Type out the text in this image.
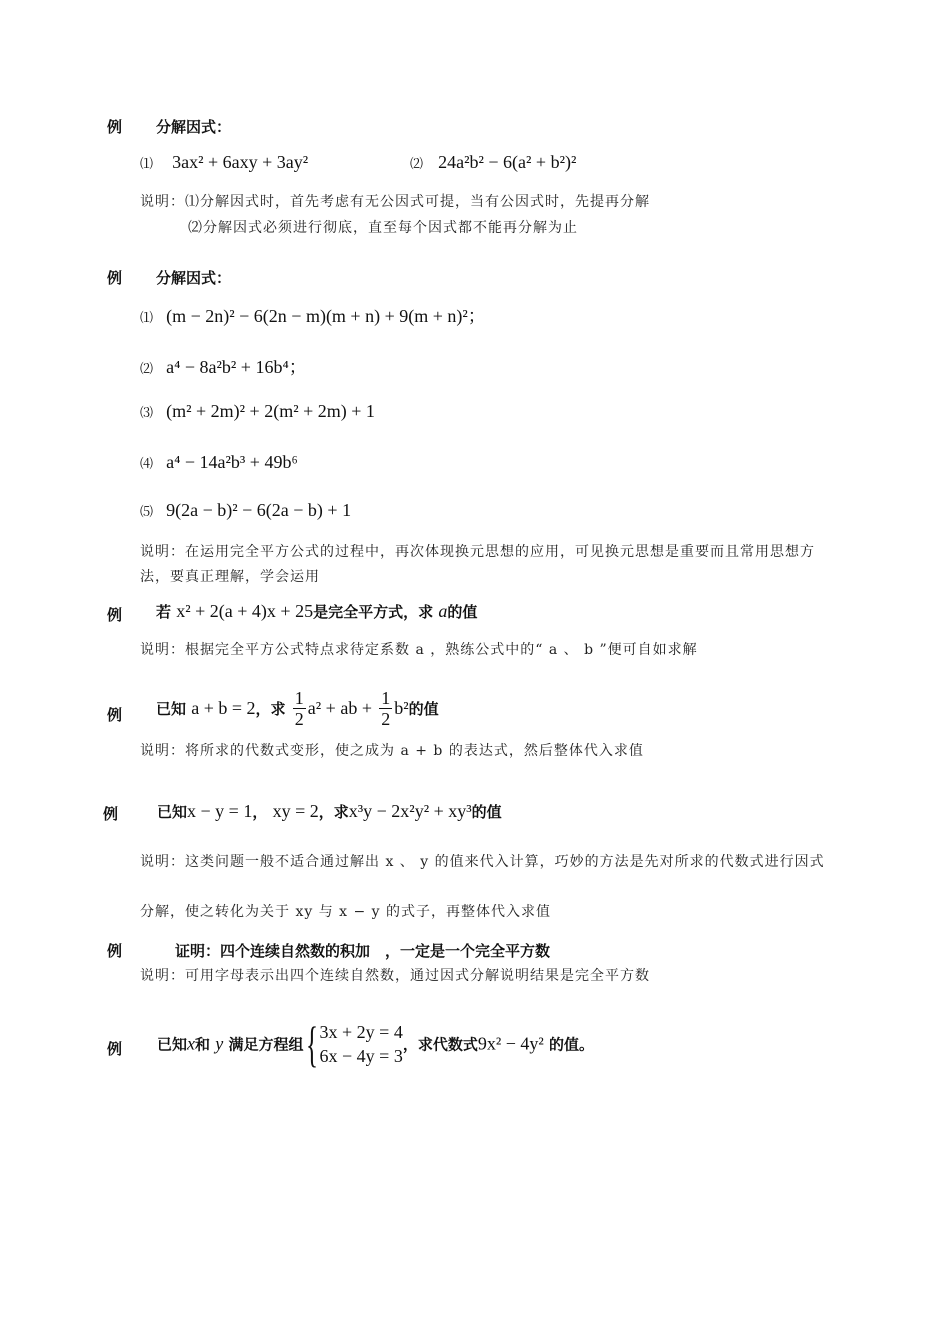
例 分解因式：
⑴ 3ax² + 6axy + 3ay²	⑵ 24a²b² − 6(a² + b²)²
说明：⑴分解因式时，首先考虑有无公因式可提，当有公因式时，先提再分解
⑵分解因式必须进行彻底，直至每个因式都不能再分解为止
例 分解因式：
⑴ (m − 2n)² − 6(2n − m)(m + n) + 9(m + n)²；
⑵ a⁴ − 8a²b² + 16b⁴；
⑶ (m² + 2m)² + 2(m² + 2m) + 1
⑷ a⁴ − 14a²b³ + 49b⁶
⑸ 9(2a − b)² − 6(2a − b) + 1
说明：在运用完全平方公式的过程中，再次体现换元思想的应用，可见换元思想是重要而且常用思想方
法，要真正理解，学会运用
例 若 x² + 2(a + 4)x + 25是完全平方式，求 a的值
说明：根据完全平方公式特点求待定系数 a ，熟练公式中的“ a 、 b ”便可自如求解
例 已知 a + b = 2，求 $\frac{1}{2} a^2$ + ab + $\frac{1}{2} b^2$的值
说明：将所求的代数式变形，使之成为 a + b 的表达式，然后整体代入求值
例	已知x − y = 1， xy = 2，求x³y − 2x²y² + xy³的值
说明：这类问题一般不适合通过解出 x 、 y 的值来代入计算，巧妙的方法是先对所求的代数式进行因式
分解，使之转化为关于 xy 与 x − y 的式子，再整体代入求值
例	证明：四个连续自然数的积加　，一定是一个完全平方数
说明：可用字母表示出四个连续自然数，通过因式分解说明结果是完全平方数
例 已知x和 y 满足方程组{ 3x + 2y = 4
6x − 4y = 3
，求代数式9x² − 4y² 的值。
